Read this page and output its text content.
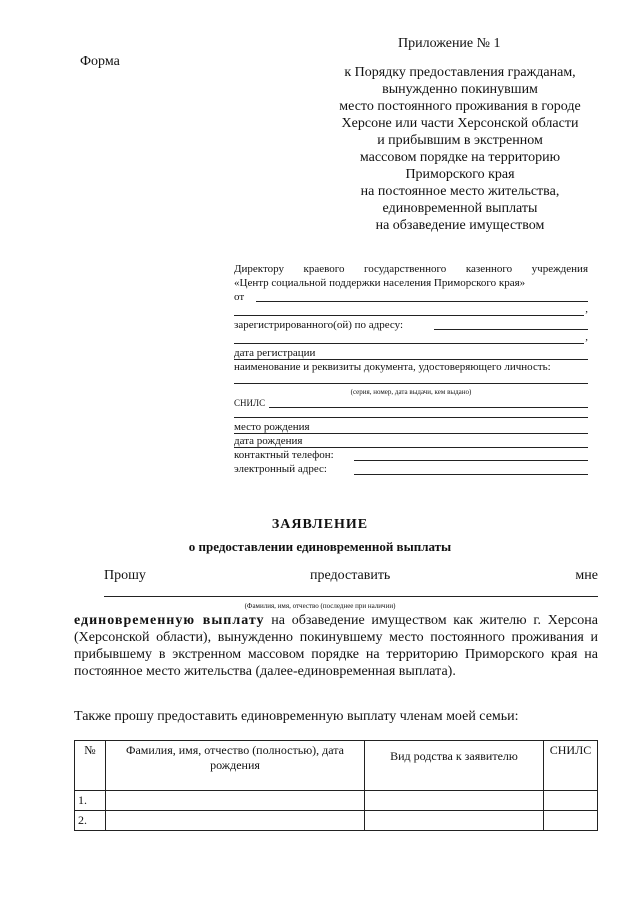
Форма
Приложение № 1
к Порядку предоставления гражданам,
вынужденно покинувшим
место постоянного проживания в городе
Херсоне или части Херсонской области
и прибывшим в экстренном
массовом порядке на территорию
Приморского края
на постоянное место жительства,
единовременной выплаты
на обзаведение имуществом
Директору краевого государственного казенного учреждения
«Центр социальной поддержки населения Приморского края»
от
,
зарегистрированного(ой) по адресу:
,
дата регистрации
наименование и реквизиты документа, удостоверяющего личность:
(серия, номер, дата выдачи, кем выдано)
СНИЛС
место рождения
дата рождения
контактный телефон:
электронный адрес:
ЗАЯВЛЕНИЕ
о предоставлении единовременной выплаты
Прошу	предоставить	мне
(Фамилия, имя, отчество (последнее при наличии)
единовременную выплату на обзаведение имуществом как жителю г. Херсона (Херсонской области), вынужденно покинувшему место постоянного проживания и прибывшему в экстренном массовом порядке на территорию Приморского края на постоянное место жительства (далее-единовременная выплата).
Также прошу предоставить единовременную выплату членам моей семьи:
№	Фамилия, имя, отчество (полностью), дата рождения	Вид родства к заявителю	СНИЛС
1.			
2.			
